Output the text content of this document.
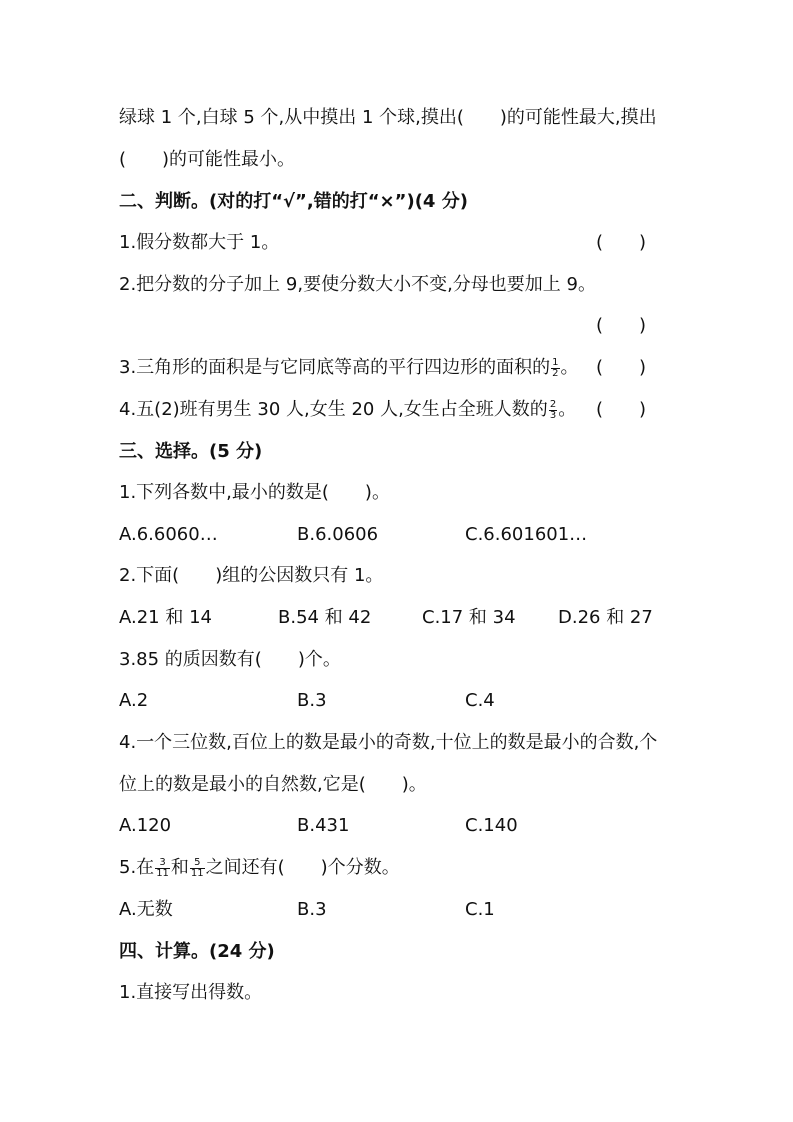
绿球 1 个,白球 5 个,从中摸出 1 个球,摸出(　　)的可能性最大,摸出
(　　)的可能性最小。
二、判断。(对的打“√”,错的打“×”)(4 分)
1.假分数都大于 1。	(　　)
2.把分数的分子加上 9,要使分数大小不变,分母也要加上 9。
(　　)
3.三角形的面积是与它同底等高的平行四边形的面积的 $\frac{1}{2}$ 。 (　　)
4.五(2)班有男生 30 人,女生 20 人,女生占全班人数的 $\frac{2}{3}$ 。 (　　)
三、选择。(5 分)
1.下列各数中,最小的数是(　　)。
A.6.6060…	B.6.0606	C.6.601601…
2.下面(　　)组的公因数只有 1。
A.21 和 14	B.54 和 42	C.17 和 34 D.26 和 27
3.85 的质因数有(　　)个。
A.2	B.3	C.4
4.一个三位数,百位上的数是最小的奇数,十位上的数是最小的合数,个
位上的数是最小的自然数,它是(　　)。
A.120	B.431	C.140
5.在 $\frac{3}{11}$ 和 $\frac{5}{11}$ 之间还有(　　)个分数。
A.无数	B.3	C.1
四、计算。(24 分)
1.直接写出得数。
